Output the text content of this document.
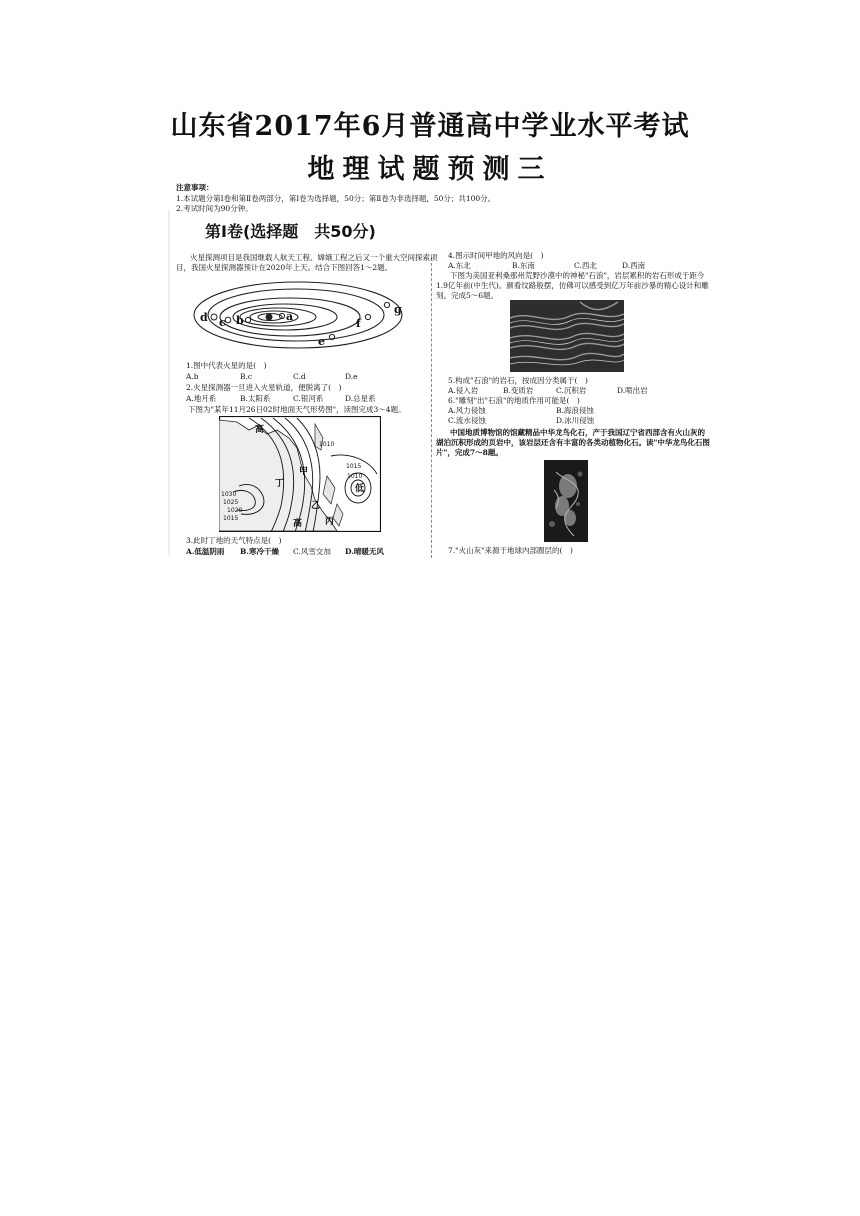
山东省2017年6月普通高中学业水平考试
地理试题预测三
注意事项：
1.本试题分第Ⅰ卷和第Ⅱ卷两部分，第Ⅰ卷为选择题，50分；第Ⅱ卷为非选择题，50分；共100分。
2.考试时间为90分钟。
第Ⅰ卷(选择题　共50分)
火星探测项目是我国继载人航天工程、嫦娥工程之后又一个重大空间探索项
目，我国火星探测器预计在2020年上天。结合下图回答1～2题。
d c b	a
e
f
g
1.图中代表火星的是(　)
A.b	B.c	C.d	D.e
2.火星探测器一旦进入火星轨道，便脱离了(　)
A.地月系	B.太阳系	C.银河系	D.总星系
下图为"某年11月26日02时地面天气形势图"，读图完成3～4题。
1030
1025
1020
1015
1010
1015
1010
高
低
丁
甲
乙
丙
高
3.此时丁地的天气特点是(　)
A.低温阴雨 B.寒冷干燥 C.风雪交加 D.晴暖无风
4.图示时间甲地的风向是(　)
A.东北	B.东南	C.西北	D.西南
下图为美国亚利桑那州荒野沙漠中的神秘"石浪"，岩层累积的岩石形成于距今
1.9亿年前(中生代)。颜看纹路般摆，仿佛可以感受到亿万年前沙暴的精心设计和雕
刻。完成5～6题。
5.构成"石浪"的岩石，按成因分类属于(　)
A.侵入岩	B.变质岩	C.沉积岩	D.喷出岩
6."雕刻"出"石浪"的地质作用可能是(　)
A.风力侵蚀	B.海浪侵蚀
C.流水侵蚀	D.冰川侵蚀
中国地质博物馆的馆藏精品中华龙鸟化石，产于我国辽宁省西部含有火山灰的
湖泊沉积形成的页岩中，该岩层还含有丰富的各类动植物化石。读"中华龙鸟化石图
片"，完成7～8题。
7."火山灰"来源于地球内部圈层的(　)
